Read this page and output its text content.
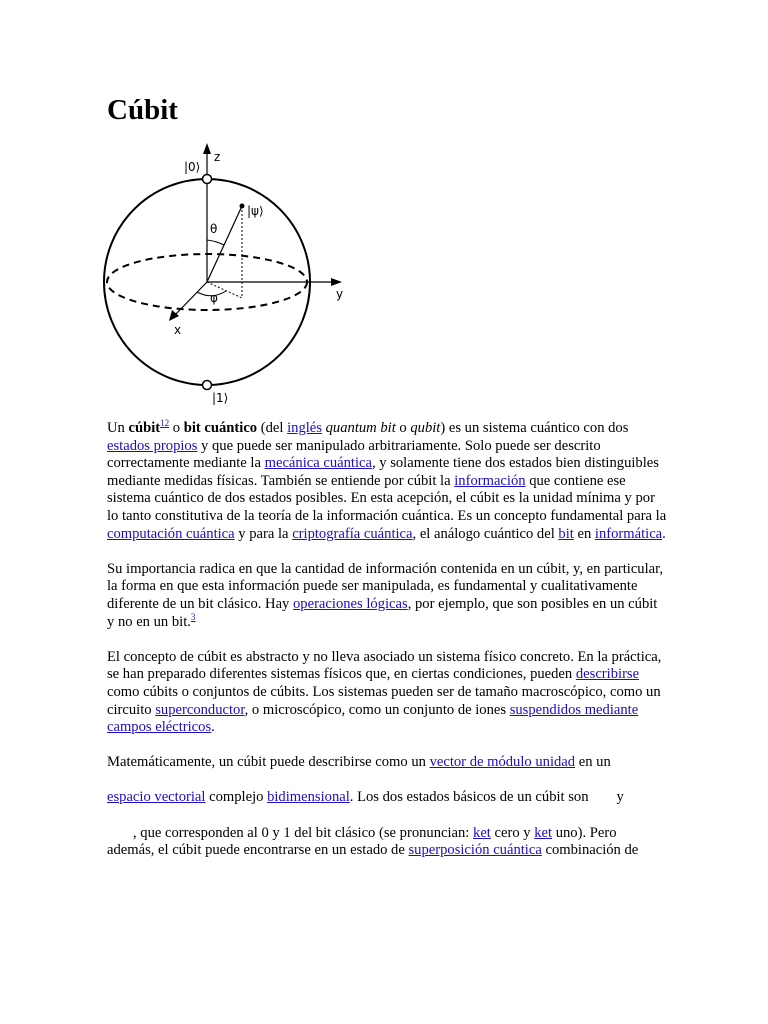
Cúbit
|0⟩
z
|ψ⟩
θ
y
φ
x
|1⟩

Un cúbit$^{12}$ o bit cuántico (del inglés quantum bit o qubit) es un sistema cuántico con dos estados propios y que puede ser manipulado arbitrariamente. Solo puede ser descrito correctamente mediante la mecánica cuántica, y solamente tiene dos estados bien distinguibles mediante medidas físicas. También se entiende por cúbit la información que contiene ese sistema cuántico de dos estados posibles. En esta acepción, el cúbit es la unidad mínima y por lo tanto constitutiva de la teoría de la información cuántica. Es un concepto fundamental para la computación cuántica y para la criptografía cuántica, el análogo cuántico del bit en informática.

Su importancia radica en que la cantidad de información contenida en un cúbit, y, en particular, la forma en que esta información puede ser manipulada, es fundamental y cualitativamente diferente de un bit clásico. Hay operaciones lógicas, por ejemplo, que son posibles en un cúbit y no en un bit.$^3$

El concepto de cúbit es abstracto y no lleva asociado un sistema físico concreto. En la práctica, se han preparado diferentes sistemas físicos que, en ciertas condiciones, pueden describirse como cúbits o conjuntos de cúbits. Los sistemas pueden ser de tamaño macroscópico, como un circuito superconductor, o microscópico, como un conjunto de iones suspendidos mediante campos eléctricos.

Matemáticamente, un cúbit puede describirse como un vector de módulo unidad en un

espacio vectorial complejo bidimensional. Los dos estados básicos de un cúbit son y

, que corresponden al 0 y 1 del bit clásico (se pronuncian: ket cero y ket uno). Pero además, el cúbit puede encontrarse en un estado de superposición cuántica combinación de
